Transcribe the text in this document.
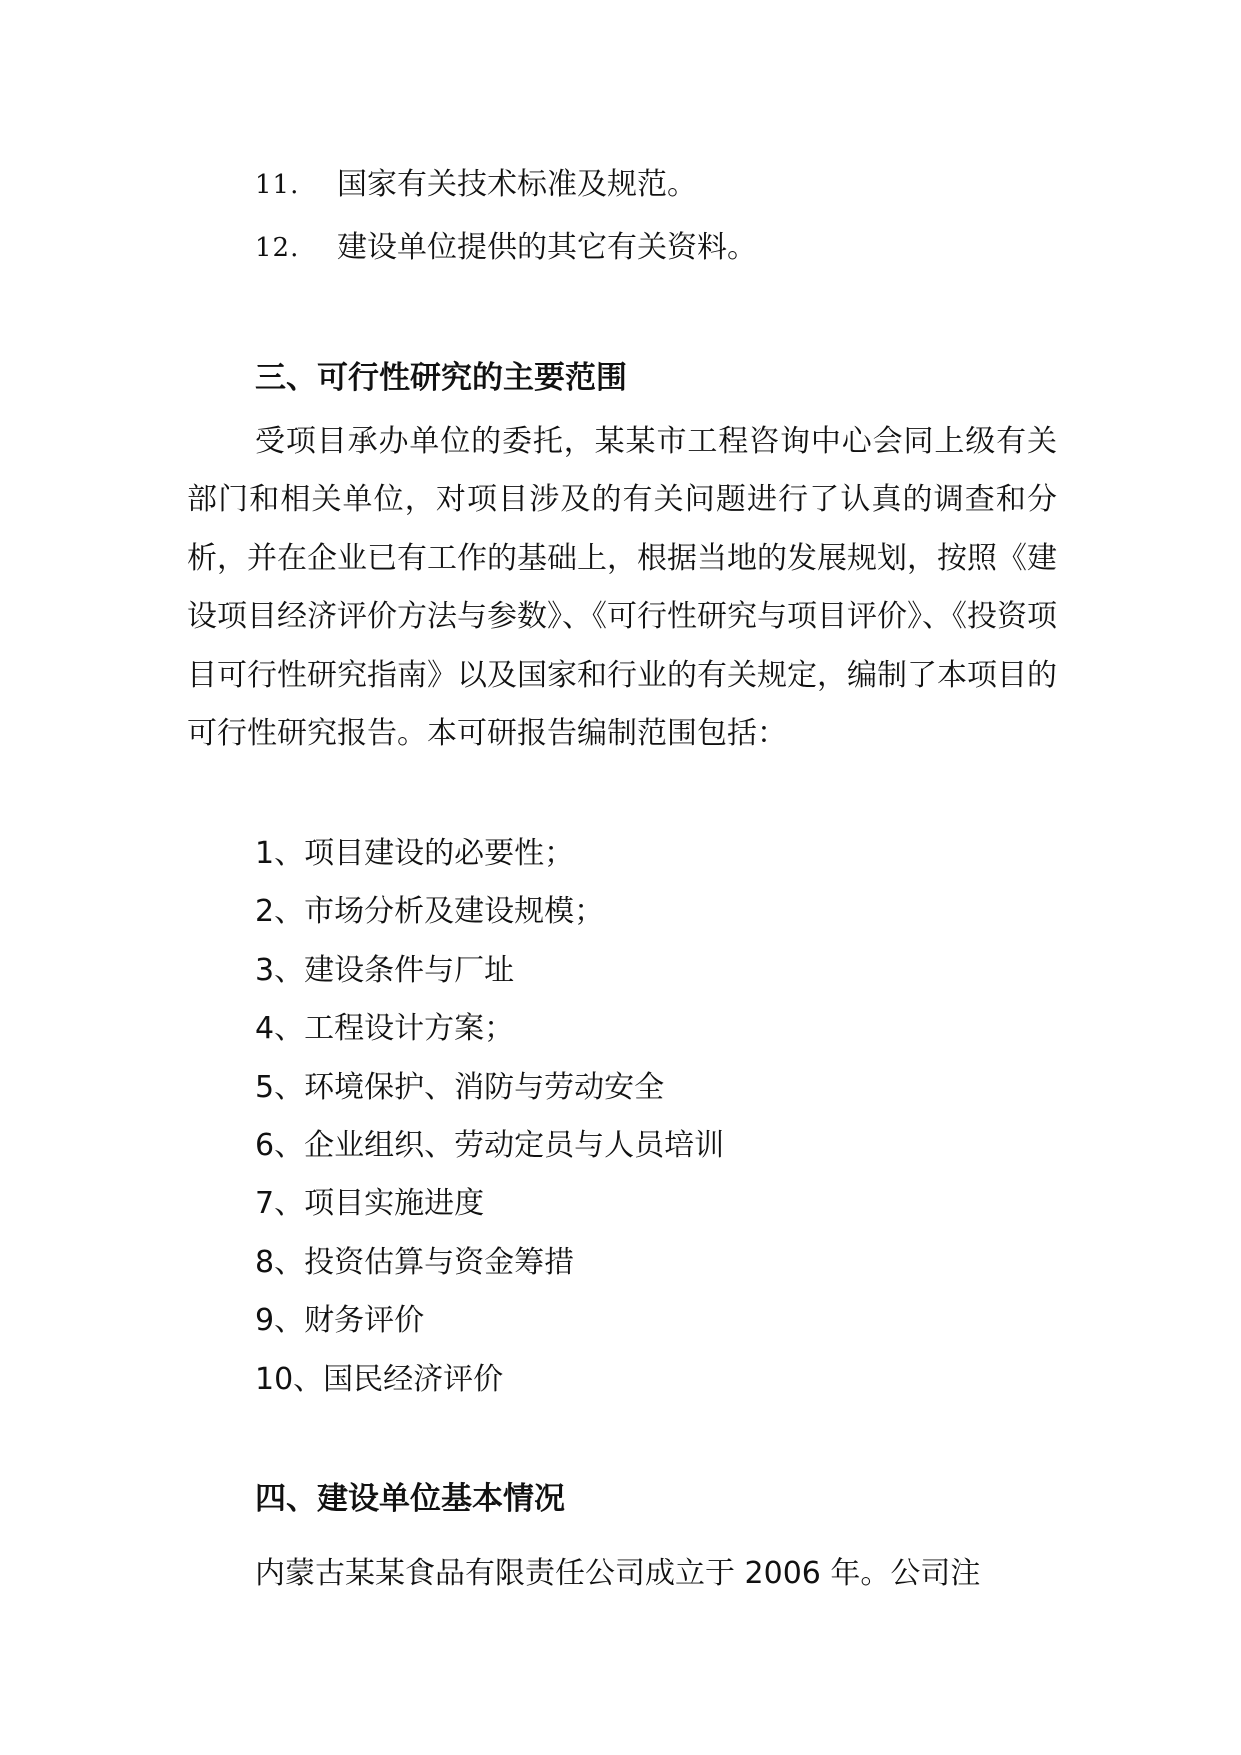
11. 国家有关技术标准及规范。
12. 建设单位提供的其它有关资料。
三、可行性研究的主要范围

受项目承办单位的委托，某某市工程咨询中心会同上级有关部门和相关单位，对项目涉及的有关问题进行了认真的调查和分析，并在企业已有工作的基础上，根据当地的发展规划，按照《建设项目经济评价方法与参数》、《可行性研究与项目评价》、《投资项目可行性研究指南》以及国家和行业的有关规定，编制了本项目的可行性研究报告。本可研报告编制范围包括：

1、项目建设的必要性；
2、市场分析及建设规模；
3、建设条件与厂址
4、工程设计方案；
5、环境保护、消防与劳动安全
6、企业组织、劳动定员与人员培训
7、项目实施进度
8、投资估算与资金筹措
9、财务评价
10、国民经济评价
四、建设单位基本情况
内蒙古某某食品有限责任公司成立于 2006 年。公司注
